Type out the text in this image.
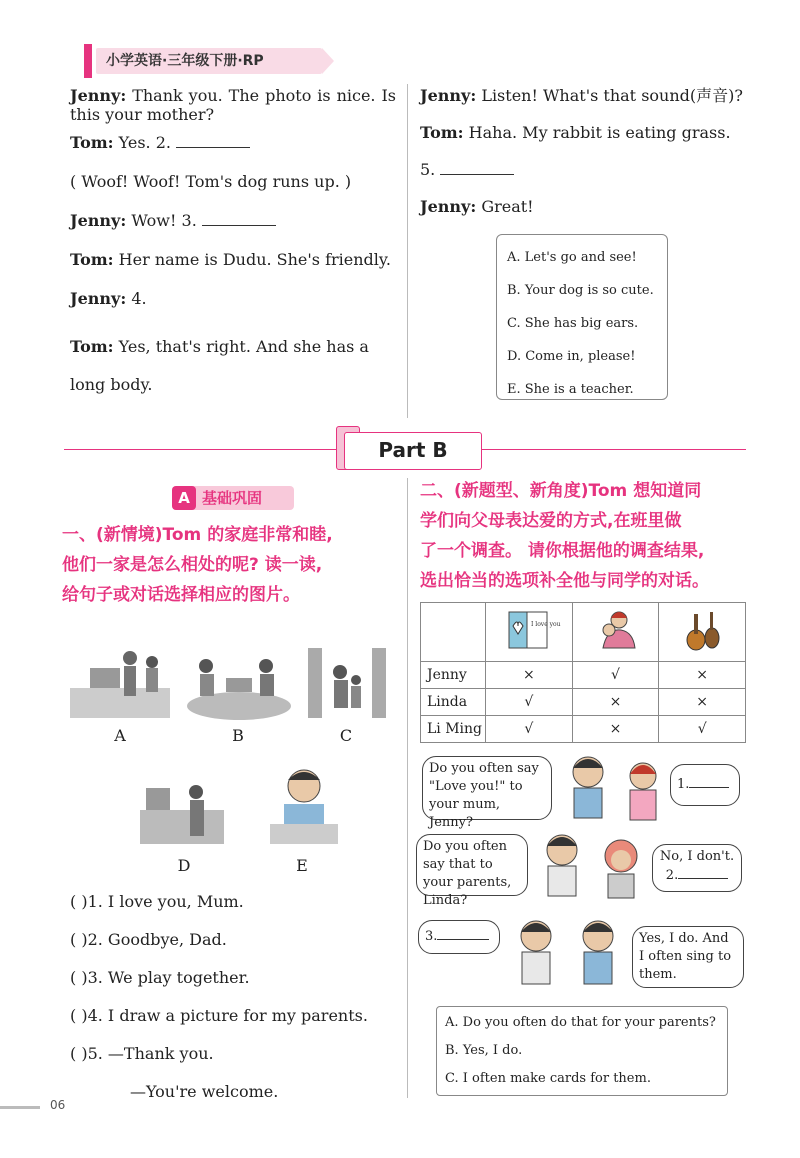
小学英语·三年级下册·RP
Jenny: Thank you. The photo is nice. Is this your mother?
Tom: Yes. 2.
( Woof! Woof! Tom's dog runs up. )
Jenny: Wow! 3.
Tom: Her name is Dudu. She's friendly.
Jenny: 4.
Tom: Yes, that's right. And she has a long body.
Jenny: Listen! What's that sound(声音)?
Tom: Haha. My rabbit is eating grass.
5.
Jenny: Great!
A. Let's go and see!
B. Your dog is so cute.
C. She has big ears.
D. Come in, please!
E. She is a teacher.
Part B
A 基础巩固
一、(新情境)Tom 的家庭非常和睦,
他们一家是怎么相处的呢? 读一读,
给句子或对话选择相应的图片。
A	B	C
D	E
( )1. I love you, Mum.
( )2. Goodbye, Dad.
( )3. We play together.
( )4. I draw a picture for my parents.
( )5. —Thank you.
—You're welcome.
二、(新题型、新角度)Tom 想知道同
学们向父母表达爱的方式,在班里做
了一个调查。 请你根据他的调查结果,
选出恰当的选项补全他与同学的对话。

I love you

Jenny	×	√	×
Linda	√	×	×
Li Ming	√	×	√
Do you often say "Love you!" to your mum, Jenny?
1.
Do you often say that to your parents, Linda?
No, I don't.
2.
3.	Yes, I do. And I often sing to them.
A. Do you often do that for your parents?
B. Yes, I do.
C. I often make cards for them.
06
